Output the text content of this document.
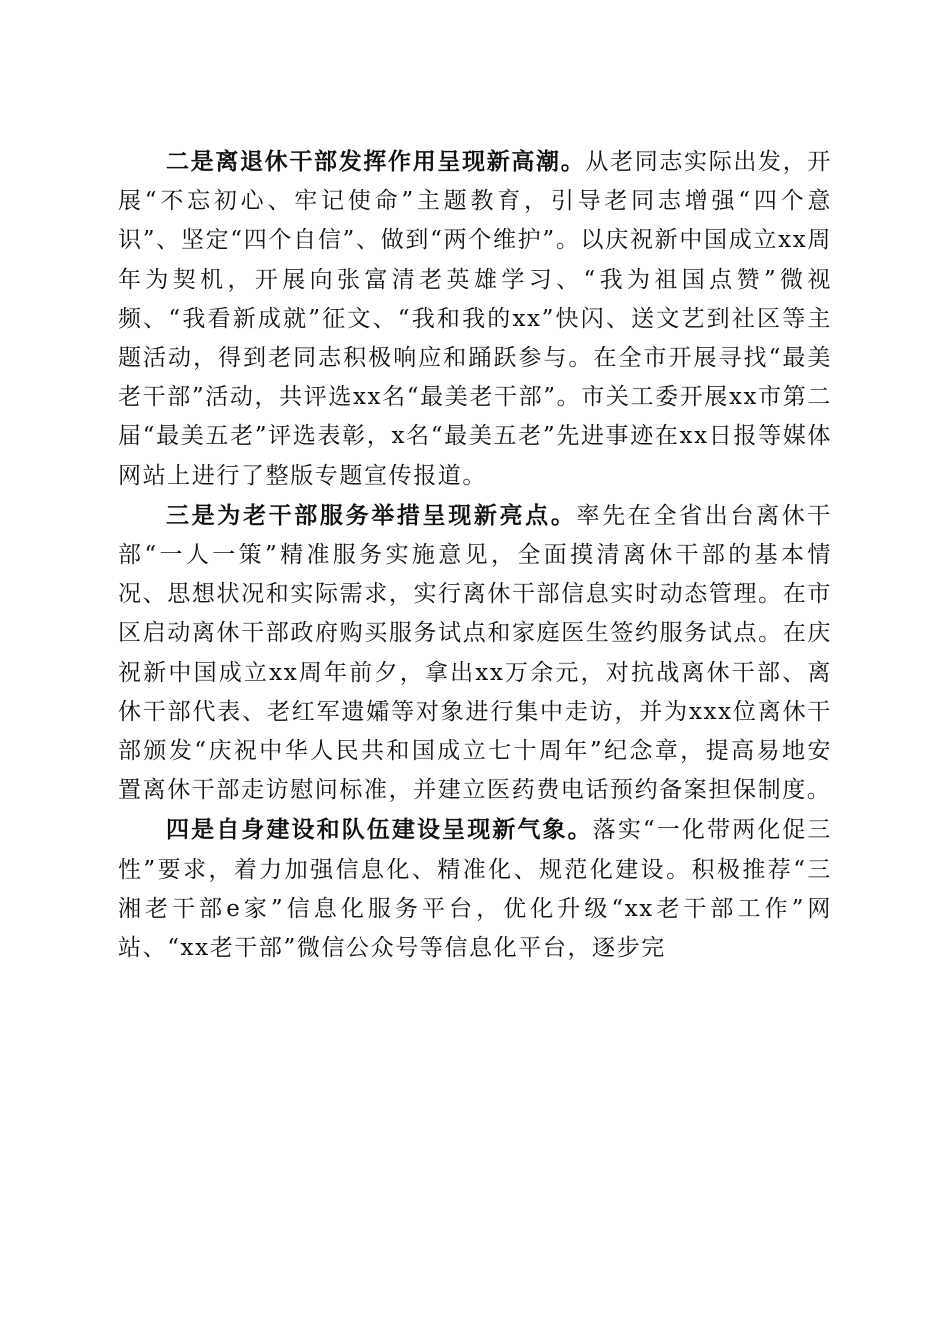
二是离退休干部发挥作用呈现新高潮。从老同志实际出发，开展“不忘初心、牢记使命”主题教育，引导老同志增强“四个意识”、坚定“四个自信”、做到“两个维护”。以庆祝新中国成立xx周年为契机，开展向张富清老英雄学习、“我为祖国点赞”微视频、“我看新成就”征文、“我和我的xx”快闪、送文艺到社区等主题活动，得到老同志积极响应和踊跃参与。在全市开展寻找“最美老干部”活动，共评选xx名“最美老干部”。市关工委开展xx市第二届“最美五老”评选表彰，x名“最美五老”先进事迹在xx日报等媒体网站上进行了整版专题宣传报道。

三是为老干部服务举措呈现新亮点。率先在全省出台离休干部“一人一策”精准服务实施意见，全面摸清离休干部的基本情况、思想状况和实际需求，实行离休干部信息实时动态管理。在市区启动离休干部政府购买服务试点和家庭医生签约服务试点。在庆祝新中国成立xx周年前夕，拿出xx万余元，对抗战离休干部、离休干部代表、老红军遗孀等对象进行集中走访，并为xxx位离休干部颁发“庆祝中华人民共和国成立七十周年”纪念章，提高易地安置离休干部走访慰问标准，并建立医药费电话预约备案担保制度。

四是自身建设和队伍建设呈现新气象。落实“一化带两化促三性”要求，着力加强信息化、精准化、规范化建设。积极推荐“三湘老干部e家”信息化服务平台，优化升级“xx老干部工作”网站、“xx老干部”微信公众号等信息化平台，逐步完
